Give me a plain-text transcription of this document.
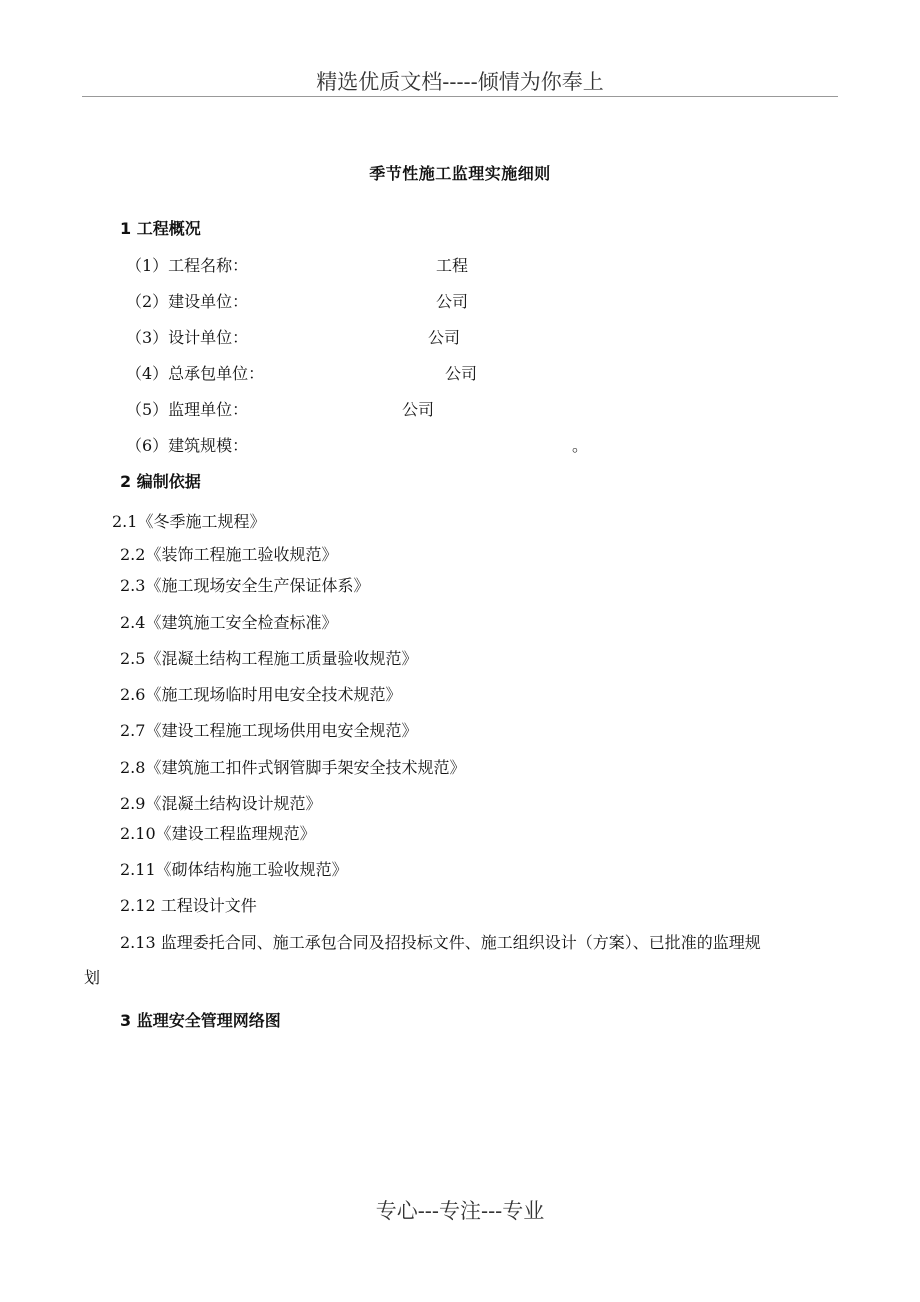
精选优质文档-----倾情为你奉上
季节性施工监理实施细则
1 工程概况
（1）工程名称：	工程
（2）建设单位：	公司
（3）设计单位：	公司
（4）总承包单位：	公司
（5）监理单位：	公司
（6）建筑规模：	。
2 编制依据
2.1《冬季施工规程》
2.2《装饰工程施工验收规范》
2.3《施工现场安全生产保证体系》
2.4《建筑施工安全检查标准》
2.5《混凝土结构工程施工质量验收规范》
2.6《施工现场临时用电安全技术规范》
2.7《建设工程施工现场供用电安全规范》
2.8《建筑施工扣件式钢管脚手架安全技术规范》
2.9《混凝土结构设计规范》
2.10《建设工程监理规范》
2.11《砌体结构施工验收规范》
2.12 工程设计文件
2.13 监理委托合同、施工承包合同及招投标文件、施工组织设计（方案）、已批准的监理规
划
3 监理安全管理网络图
专心---专注---专业
